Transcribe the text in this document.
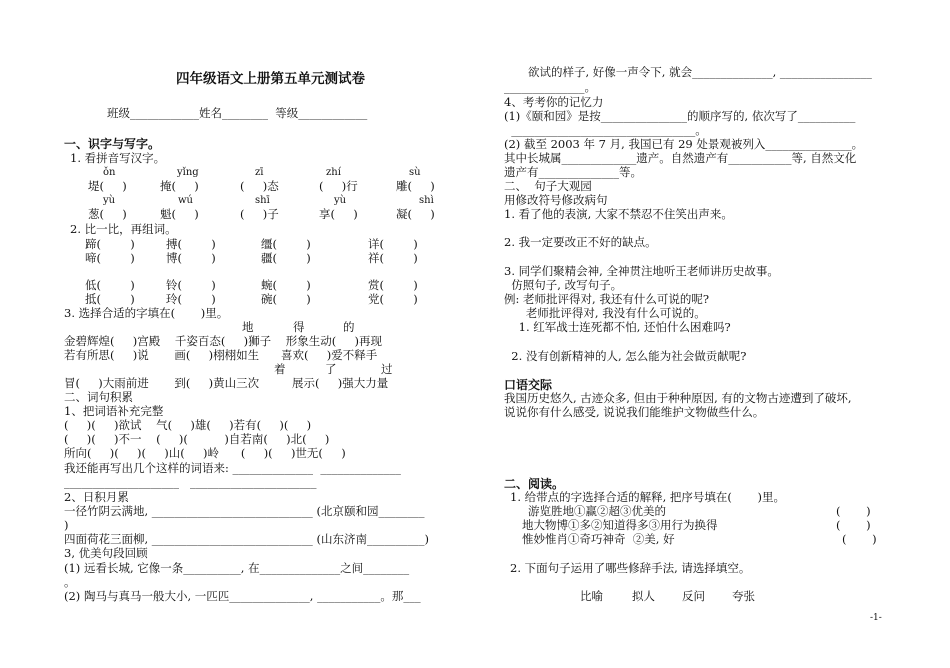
四年级语文上册第五单元测试卷
班级____________姓名________  等级____________
一、识字与写字。
1. 看拼音写汉字。
ǒn	yǐng	zī	zhí	sù
堤(     )	掩(     )	(     )态	(     )行	雕(     )
yù	wú	shī	yù	shì
葱(     )	魁(     )	(     )子	享(     )	凝(     )
2. 比一比，再组词。
蹄(        )	搏(        )	缰(        )	详(        )
啼(        )	博(        )	疆(        )	祥(        )
低(        )	铃(        )	蜿(        )	赏(        )
抵(        )	玲(        )	碗(        )	党(        )
3. 选择合适的字填在(       )里。
地	得	的
金碧辉煌(     )宫殿    千姿百态(     )狮子    形象生动(     )再现
若有所思(     )说       画(     )栩栩如生      喜欢(     )爱不释手
着	了	过
冒(     )大雨前进       到(     )黄山三次         展示(     )强大力量
二、词句积累
1、把词语补充完整
(     )(     )欲试    气(     )雄(     )若有(     )(     )
(     )(     )不一    (     )(          )自若南(     )北(     )
所向(     )(     )(     )山(     )岭      (     )(     )世无(     )
我还能再写出几个这样的词语来: ______________  ______________
____________________   ______________________
2、日积月累
一径竹阴云满地, ____________________________ (北京颐和园________
)
四面荷花三面柳, ____________________________ (山东济南__________)
3, 优美句段回顾
(1) 远看长城, 它像一条__________, 在______________之间________
。
(2) 陶马与真马一般大小, 一匹匹______________, ___________。那___
欲试的样子, 好像一声令下, 就会______________, ________________
______________。
4、考考你的记忆力
(1)《颐和园》是按_______________的顺序写的, 依次写了__________
________________________________。
(2) 截至 2003 年 7 月, 我国已有 29 处景观被列入_______________。
其中长城属_____________遗产。自然遗产有___________等, 自然文化
遗产有______________等。
二、  句子大观园
用修改符号修改病句
1. 看了他的表演, 大家不禁忍不住笑出声来。
2. 我一定要改正不好的缺点。
3. 同学们聚精会神, 全神贯注地听王老师讲历史故事。
仿照句子, 改写句子。
例: 老师批评得对, 我还有什么可说的呢?
老师批评得对, 我没有什么可说的。
1. 红军战士连死都不怕, 还怕什么困难吗?
2. 没有创新精神的人, 怎么能为社会做贡献呢?
口语交际
我国历史悠久, 古迹众多, 但由于种种原因, 有的文物古迹遭到了破坏,
说说你有什么感受, 说说我们能维护文物做些什么。
二、阅读。
1. 给带点的字选择合适的解释, 把序号填在(       )里。
游览胜地①赢②超③优美的	(       )
地大物博①多②知道得多③用行为换得	(       )
惟妙惟肖①奇巧神奇  ②美, 好	(       )
2. 下面句子运用了哪些修辞手法, 请选择填空。
比喻	拟人 反问 夸张
-1-
